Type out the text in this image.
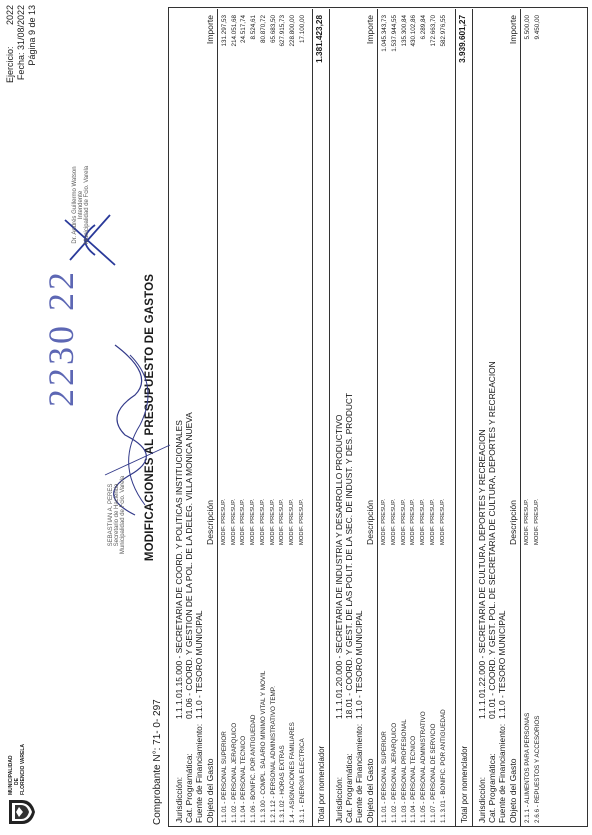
MUNICIPALIDAD DE FLORENCIO VARELA
Ejercicio:
2022 Fecha: 31/08/2022 Página 9 de 13
MODIFICACIONES AL PRESUPUESTO DE GASTOS
Comprobante N°: 71- 0- 297
2230 22
Jurisdicción:
1.1.1.01.15.000 - SECRETARIA DE COORD. Y POLITICAS INSTITUCIONALES
Cat. Programática:
01.06 - COORD. Y GESTION DE LA POL. DE LA DELEG. VILLA MONICA NUEVA
Fuente de Financiamiento:
1.1.0 - TESORO MUNICIPAL
Objeto del Gasto
Descripción
Importe
1.1.01 - PERSONAL SUPERIOR
MODIF. PRESUP.
131.297,53
1.1.02 - PERSONAL JERARQUICO
MODIF. PRESUP.
214.051,68
1.1.04 - PERSONAL TECNICO
MODIF. PRESUP.
24.517,74
1.1.06 - BONIFIC. POR ANTIGUEDAD
MODIF. PRESUP.
8.524,61
1.1.3.00 - COMPL. SALARIO MINIMO VITAL Y MOVIL
MODIF. PRESUP.
80.870,72
1.2.1.12 - PERSONAL ADMINISTRATIVO TEMP.
MODIF. PRESUP.
65.683,50
1.3.1.02 - HORAS EXTRAS
MODIF. PRESUP.
627.915,73
1.4 - ASIGNACIONES FAMILIARES
MODIF. PRESUP.
228.800,00
3.1.1 - ENERGIA ELECTRICA
MODIF. PRESUP.
17.100,00
Total por nomenclador
1.381.423,28
Jurisdicción:
1.1.1.01.20.000 - SECRETARIA DE INDUSTRIA Y DESARROLLO PRODUCTIVO
Cat. Programática:
18.01 - COORD. Y GEST. DE LAS POLIT. DE LA SEC. DE INDUST. Y DES. PRODUCT
Fuente de Financiamiento:
1.1.0 - TESORO MUNICIPAL
Objeto del Gasto
Descripción
Importe
1.1.01 - PERSONAL SUPERIOR
MODIF. PRESUP.
1.045.343,73
1.1.02 - PERSONAL JERARQUICO
MODIF. PRESUP.
1.537.944,55
1.1.03 - PERSONAL PROFESIONAL
MODIF. PRESUP.
135.300,84
1.1.04 - PERSONAL TECNICO
MODIF. PRESUP.
430.102,86
1.1.05 - PERSONAL ADMINISTRATIVO
MODIF. PRESUP.
6.289,84
1.1.07 - PERSONAL DE SERVICIO
MODIF. PRESUP.
172.663,70
1.1.3.01 - BONIFIC. POR ANTIGUEDAD
MODIF. PRESUP.
582.976,55
Total por nomenclador
3.939.601,27
Jurisdicción:
1.1.1.01.22.000 - SECRETARIA DE CULTURA, DEPORTES Y RECREACION
Cat. Programática:
01.01 - COORD. Y GEST. POL. DE SECRETARIA DE CULTURA, DEPORTES Y RECREACION
Fuente de Financiamiento:
1.1.0 - TESORO MUNICIPAL
Objeto del Gasto
Descripción
Importe
2.1.1 - ALIMENTOS PARA PERSONAS
MODIF. PRESUP.
5.500,00
2.6.6 - REPUESTOS Y ACCESORIOS
MODIF. PRESUP.
9.450,00
Dr. Andrés Guillermo Watson Intendente Municipalidad de Fcio. Varela
SEBASTIAN A. PERES Secretario de Hacienda Municipalidad de Fcio. Varela
